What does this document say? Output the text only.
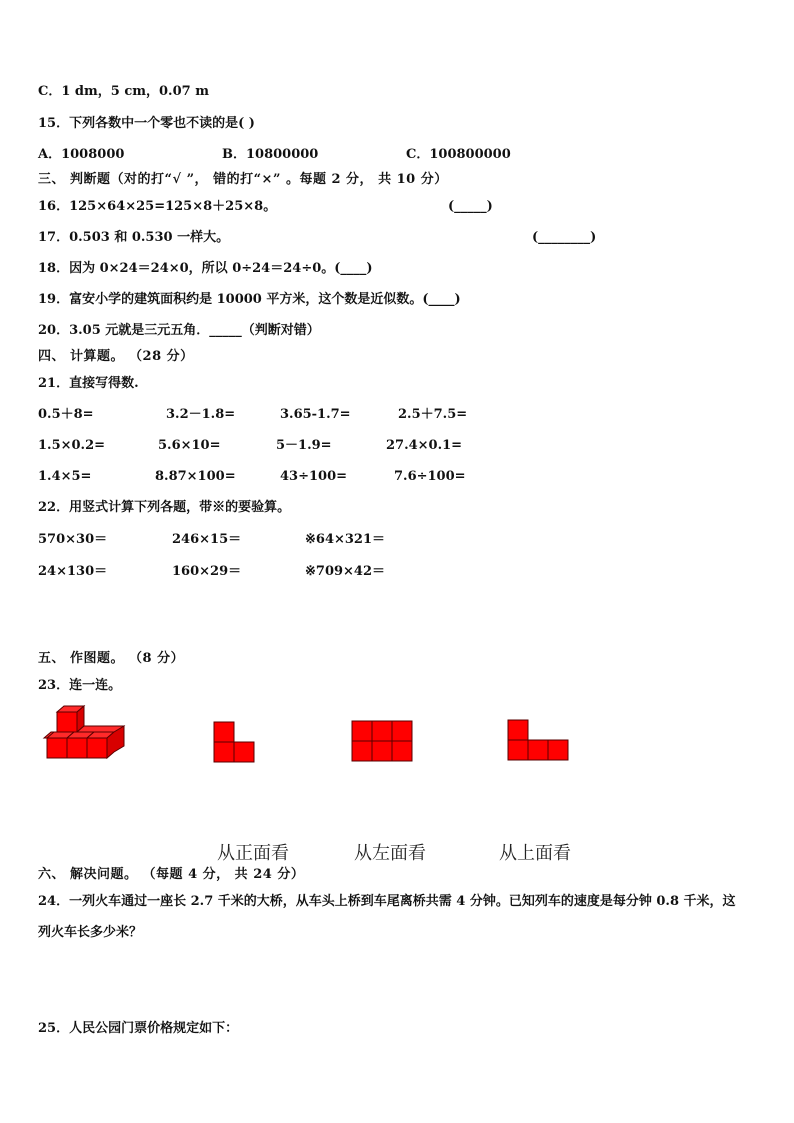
C．1 dm，5 cm，0.07 m
15．下列各数中一个零也不读的是( )
A．1008000	B．10800000	C．100800000
三、 判断题（对的打“√ ”， 错的打“×” 。每题 2 分， 共 10 分）
16．125×64×25=125×8＋25×8。	(_____)
17．0.503 和 0.530 一样大。	(________)
18．因为 0×24＝24×0，所以 0÷24＝24÷0。(____)
19．富安小学的建筑面积约是 10000 平方米，这个数是近似数。(____)
20．3.05 元就是三元五角．_____（判断对错）
四、 计算题。 （28 分）
21．直接写得数.
0.5＋8=	3.2－1.8=	3.65-1.7=	2.5＋7.5=
1.5×0.2=	5.6×10=	5－1.9=	27.4×0.1=
1.4×5=	8.87×100=	43÷100=	7.6÷100=
22．用竖式计算下列各题，带※的要验算。
570×30＝	246×15＝	※64×321＝
24×130＝	160×29＝	※709×42＝
五、 作图题。 （8 分）
23．连一连。
从正面看	从左面看	从上面看
六、 解决问题。 （每题 4 分， 共 24 分）
24．一列火车通过一座长 2.7 千米的大桥，从车头上桥到车尾离桥共需 4 分钟。已知列车的速度是每分钟 0.8 千米，这
列火车长多少米？
25．人民公园门票价格规定如下：
